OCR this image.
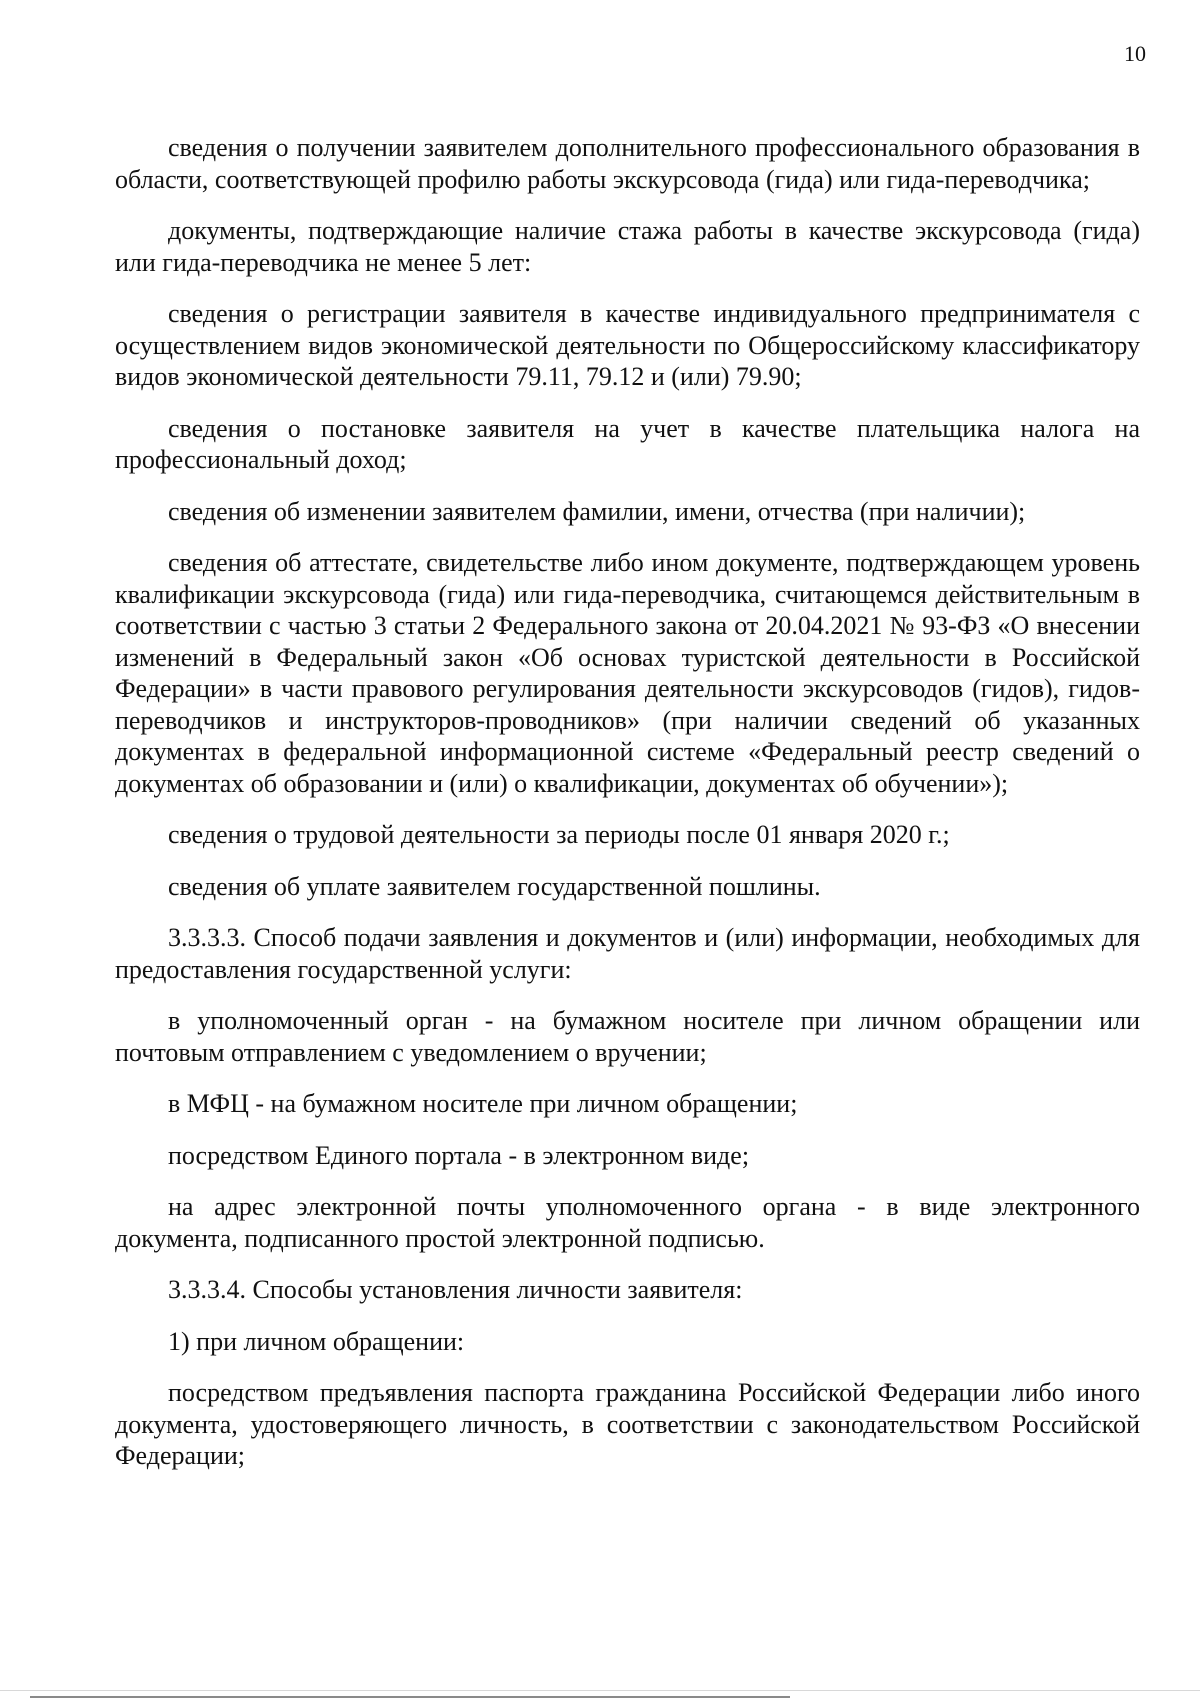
10

сведения о получении заявителем дополнительного профессионального образования в области, соответствующей профилю работы экскурсовода (гида) или гида-переводчика;

документы, подтверждающие наличие стажа работы в качестве экскурсовода (гида) или гида-переводчика не менее 5 лет:

сведения о регистрации заявителя в качестве индивидуального предпринимателя с осуществлением видов экономической деятельности по Общероссийскому классификатору видов экономической деятельности 79.11, 79.12 и (или) 79.90;

сведения о постановке заявителя на учет в качестве плательщика налога на профессиональный доход;

сведения об изменении заявителем фамилии, имени, отчества (при наличии);

сведения об аттестате, свидетельстве либо ином документе, подтверждающем уровень квалификации экскурсовода (гида) или гида-переводчика, считающемся действительным в соответствии с частью 3 статьи 2 Федерального закона от 20.04.2021 № 93-ФЗ «О внесении изменений в Федеральный закон «Об основах туристской деятельности в Российской Федерации» в части правового регулирования деятельности экскурсоводов (гидов), гидов-переводчиков и инструкторов-проводников» (при наличии сведений об указанных документах в федеральной информационной системе «Федеральный реестр сведений о документах об образовании и (или) о квалификации, документах об обучении»);

сведения о трудовой деятельности за периоды после 01 января 2020 г.;

сведения об уплате заявителем государственной пошлины.

3.3.3.3. Способ подачи заявления и документов и (или) информации, необходимых для предоставления государственной услуги:

в уполномоченный орган - на бумажном носителе при личном обращении или почтовым отправлением с уведомлением о вручении;

в МФЦ - на бумажном носителе при личном обращении;

посредством Единого портала - в электронном виде;

на адрес электронной почты уполномоченного органа - в виде электронного документа, подписанного простой электронной подписью.

3.3.3.4. Способы установления личности заявителя:

1) при личном обращении:

посредством предъявления паспорта гражданина Российской Федерации либо иного документа, удостоверяющего личность, в соответствии с законодательством Российской Федерации;
